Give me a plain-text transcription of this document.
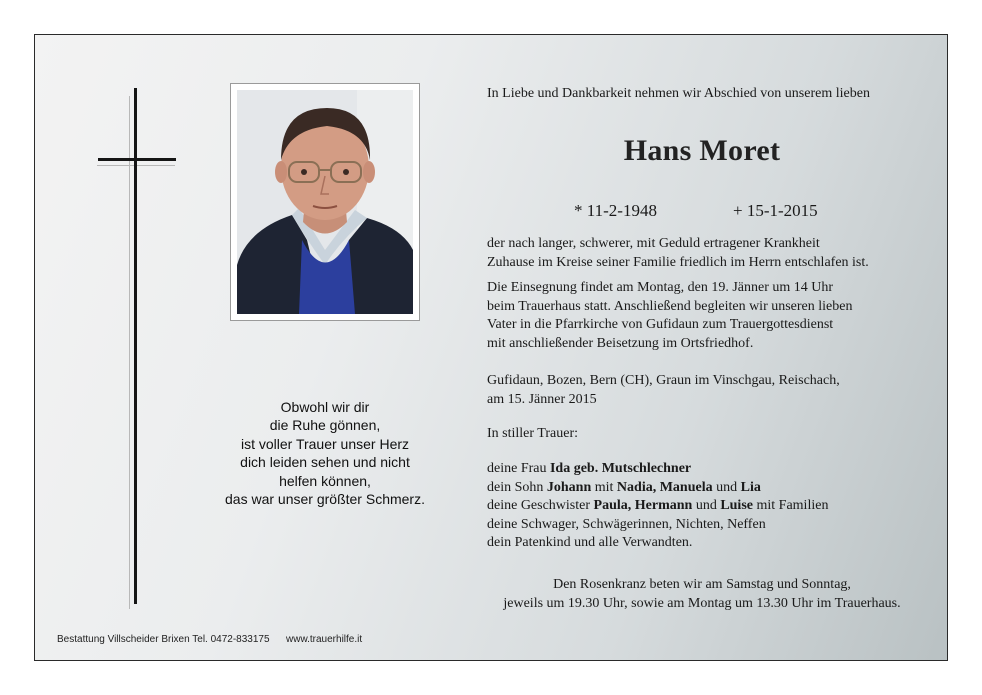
Obwohl wir dir
die Ruhe gönnen,
ist voller Trauer unser Herz
dich leiden sehen und nicht
helfen können,
das war unser größter Schmerz.
In Liebe und Dankbarkeit nehmen wir Abschied von unserem lieben
Hans Moret
* 11-2-1948	+ 15-1-2015
der nach langer, schwerer, mit Geduld ertragener Krankheit
Zuhause im Kreise seiner Familie friedlich im Herrn entschlafen ist.
Die Einsegnung findet am Montag, den 19. Jänner um 14 Uhr
beim Trauerhaus statt. Anschließend begleiten wir unseren lieben
Vater in die Pfarrkirche von Gufidaun zum Trauergottesdienst
mit anschließender Beisetzung im Ortsfriedhof.
Gufidaun, Bozen, Bern (CH), Graun im Vinschgau, Reischach,
am 15. Jänner 2015
In stiller Trauer:
deine Frau Ida geb. Mutschlechner
dein Sohn Johann mit Nadia, Manuela und Lia
deine Geschwister Paula, Hermann und Luise mit Familien
deine Schwager, Schwägerinnen, Nichten, Neffen
dein Patenkind und alle Verwandten.
Den Rosenkranz beten wir am Samstag und Sonntag,
jeweils um 19.30 Uhr, sowie am Montag um 13.30 Uhr im Trauerhaus.
Bestattung Villscheider Brixen Tel. 0472-833175 www.trauerhilfe.it
